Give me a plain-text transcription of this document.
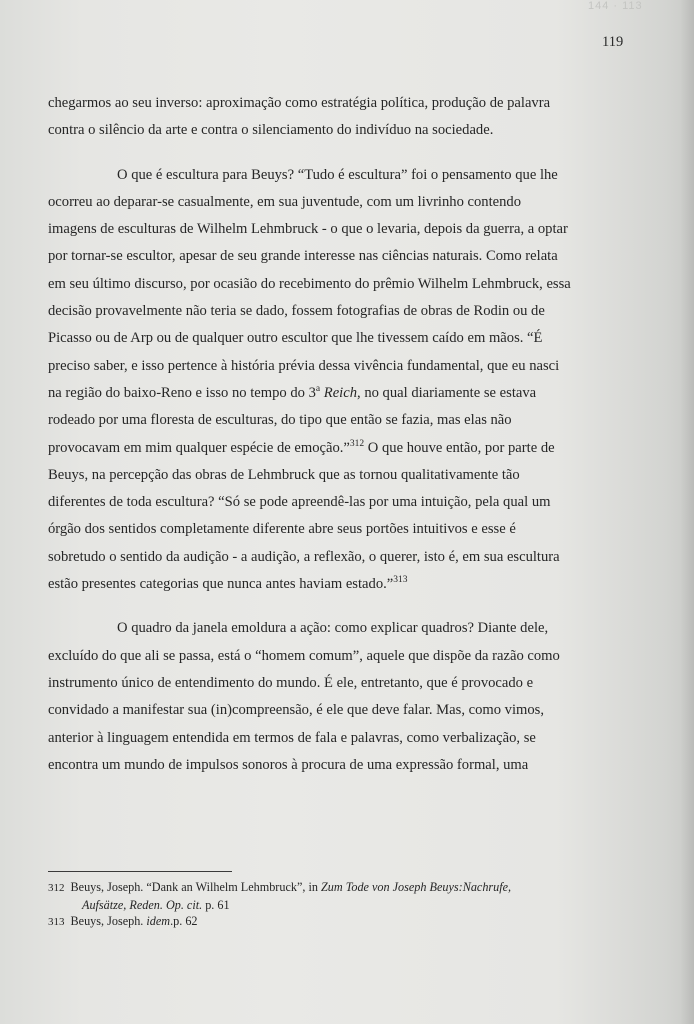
144 · 113
119
chegarmos ao seu inverso: aproximação como estratégia política, produção de palavra
contra o silêncio da arte e contra o silenciamento do indivíduo na sociedade.
O que é escultura para Beuys? “Tudo é escultura” foi o pensamento que lhe
ocorreu ao deparar-se casualmente, em sua juventude, com um livrinho contendo
imagens de esculturas de Wilhelm Lehmbruck - o que o levaria, depois da guerra, a optar
por tornar-se escultor, apesar de seu grande interesse nas ciências naturais. Como relata
em seu último discurso, por ocasião do recebimento do prêmio Wilhelm Lehmbruck, essa
decisão provavelmente não teria se dado, fossem fotografias de obras de Rodin ou de
Picasso ou de Arp ou de qualquer outro escultor que lhe tivessem caído em mãos. “É
preciso saber, e isso pertence à história prévia dessa vivência fundamental, que eu nasci
na região do baixo-Reno e isso no tempo do 3$^a$ Reich, no qual diariamente se estava
rodeado por uma floresta de esculturas, do tipo que então se fazia, mas elas não
provocavam em mim qualquer espécie de emoção.”$^{312}$ O que houve então, por parte de
Beuys, na percepção das obras de Lehmbruck que as tornou qualitativamente tão
diferentes de toda escultura? “Só se pode apreendê-las por uma intuição, pela qual um
órgão dos sentidos completamente diferente abre seus portões intuitivos e esse é
sobretudo o sentido da audição - a audição, a reflexão, o querer, isto é, em sua escultura
estão presentes categorias que nunca antes haviam estado.”$^{313}$
O quadro da janela emoldura a ação: como explicar quadros? Diante dele,
excluído do que ali se passa, está o “homem comum”, aquele que dispõe da razão como
instrumento único de entendimento do mundo. É ele, entretanto, que é provocado e
convidado a manifestar sua (in)compreensão, é ele que deve falar. Mas, como vimos,
anterior à linguagem entendida em termos de fala e palavras, como verbalização, se
encontra um mundo de impulsos sonoros à procura de uma expressão formal, uma
312 Beuys, Joseph. “Dank an Wilhelm Lehmbruck”, in Zum Tode von Joseph Beuys:Nachrufe,
Aufsätze, Reden. Op. cit. p. 61
313 Beuys, Joseph. idem.p. 62
